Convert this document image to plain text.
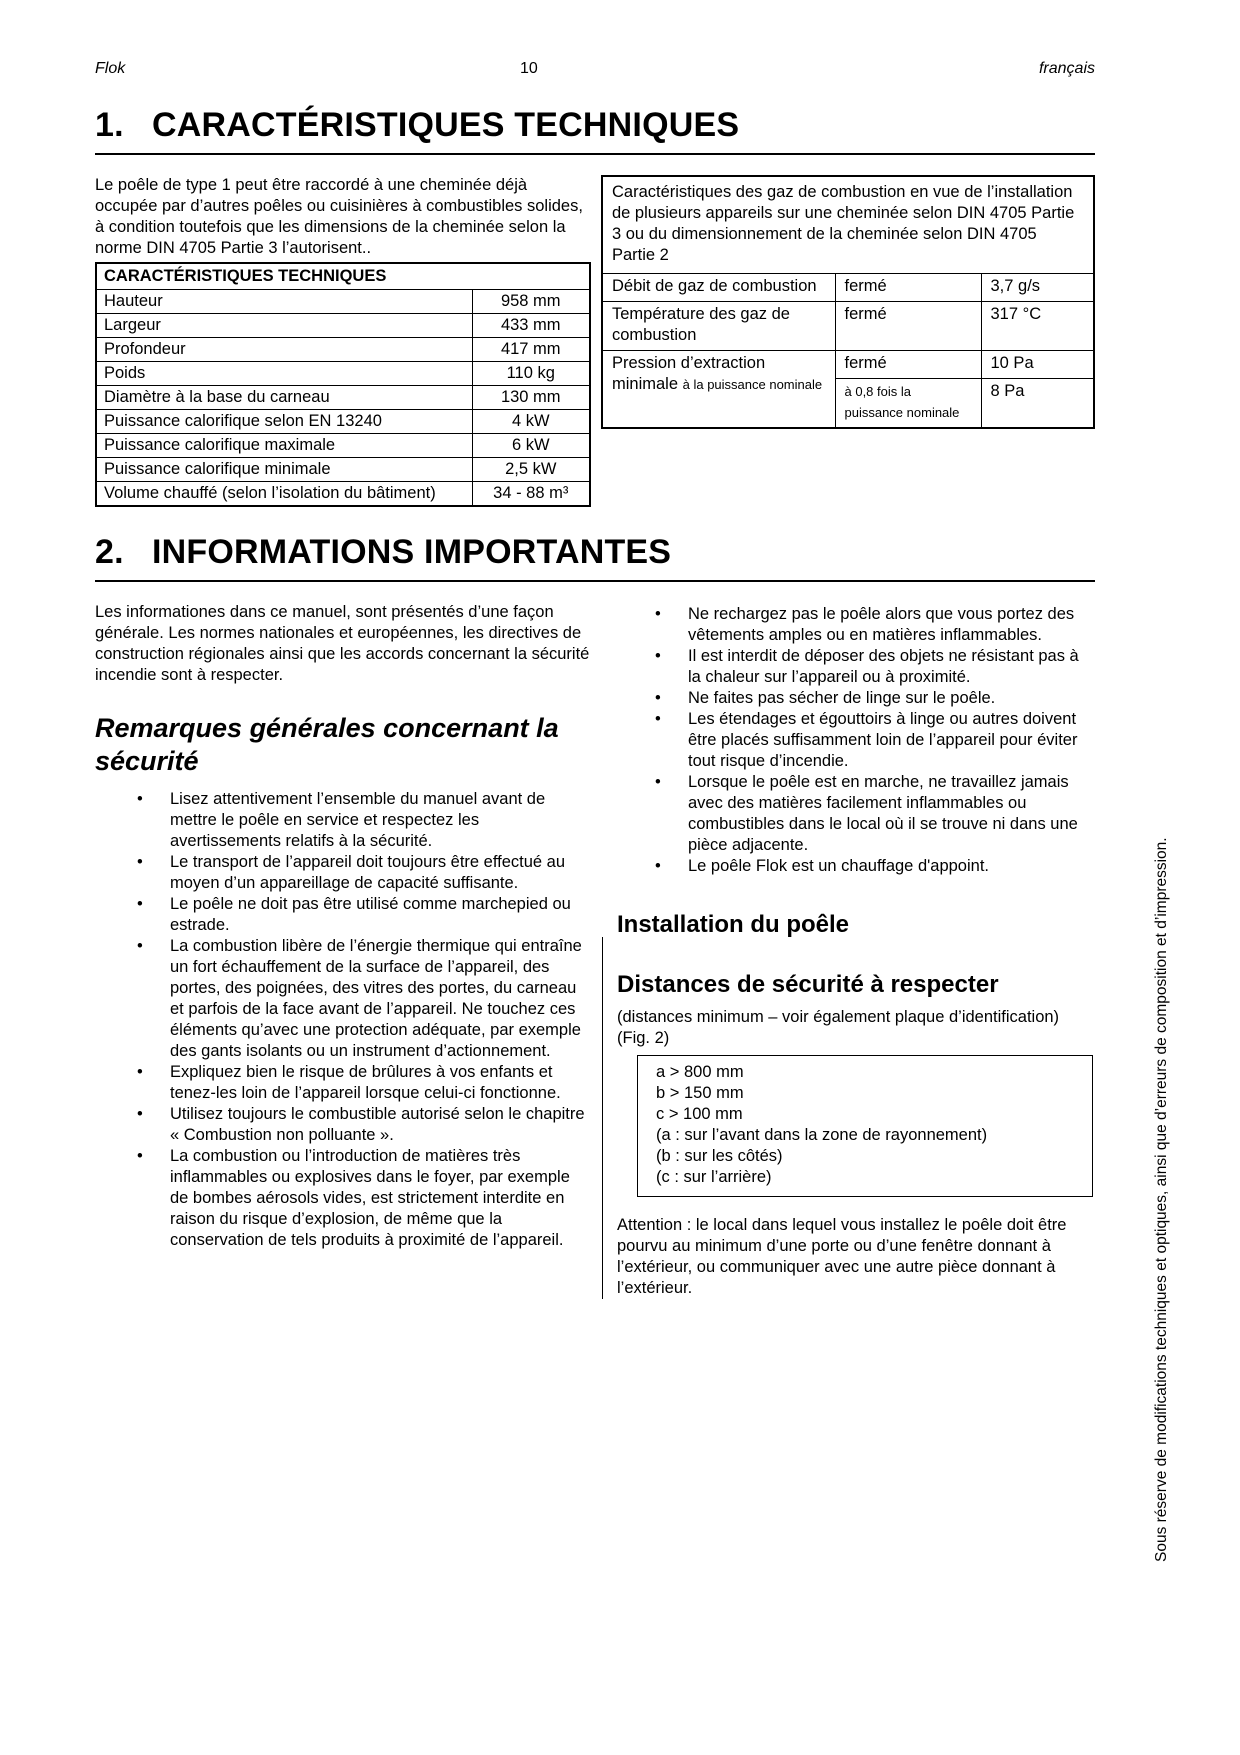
Flok	10	français
1. CARACTÉRISTIQUES TECHNIQUES

Le poêle de type 1 peut être raccordé à une cheminée déjà occupée par d’autres poêles ou cuisinières à combustibles solides, à condition toutefois que les dimensions de la cheminée selon la norme DIN 4705 Partie 3 l’autorisent..

CARACTÉRISTIQUES TECHNIQUES	
Hauteur	958 mm
Largeur	433 mm
Profondeur	417 mm
Poids	110 kg
Diamètre à la base du carneau	130 mm
Puissance calorifique selon EN 13240	4 kW
Puissance calorifique maximale	6 kW
Puissance calorifique minimale	2,5 kW
Volume chauffé (selon l’isolation du bâtiment)	34 - 88 m³
Caractéristiques des gaz de combustion en vue de l’installation de plusieurs appareils sur une cheminée selon DIN 4705 Partie 3 ou du dimensionnement de la cheminée selon DIN 4705 Partie 2
Débit de gaz de combustion	fermé	3,7 g/s
Température des gaz de combustion	fermé	317 °C
Pression d’extraction minimale à la puissance nominale	fermé	10 Pa
	à 0,8 fois la puissance nominale	8 Pa
2. INFORMATIONS IMPORTANTES

Les informationes dans ce manuel, sont présentés d’une façon générale. Les normes nationales et européennes, les directives de construction régionales ainsi que les accords concernant la sécurité incendie sont à respecter.

Remarques générales concernant la sécurité
• Lisez attentivement l’ensemble du manuel avant de mettre le poêle en service et respectez les avertissements relatifs à la sécurité.
• Le transport de l’appareil doit toujours être effectué au moyen d’un appareillage de capacité suffisante.
• Le poêle ne doit pas être utilisé comme marchepied ou estrade.
• La combustion libère de l’énergie thermique qui entraîne un fort échauffement de la surface de l’appareil, des portes, des poignées, des vitres des portes, du carneau et parfois de la face avant de l’appareil. Ne touchez ces éléments qu’avec une protection adéquate, par exemple des gants isolants ou un instrument d’actionnement.
• Expliquez bien le risque de brûlures à vos enfants et tenez-les loin de l’appareil lorsque celui-ci fonctionne.
• Utilisez toujours le combustible autorisé selon le chapitre « Combustion non polluante ».
• La combustion ou l’introduction de matières très inflammables ou explosives dans le foyer, par exemple de bombes aérosols vides, est strictement interdite en raison du risque d’explosion, de même que la conservation de tels produits à proximité de l’appareil.
• Ne rechargez pas le poêle alors que vous portez des vêtements amples ou en matières inflammables.
• Il est interdit de déposer des objets ne résistant pas à la chaleur sur l’appareil ou à proximité.
• Ne faites pas sécher de linge sur le poêle.
• Les étendages et égouttoirs à linge ou autres doivent être placés suffisamment loin de l’appareil pour éviter tout risque d’incendie.
• Lorsque le poêle est en marche, ne travaillez jamais avec des matières facilement inflammables ou combustibles dans le local où il se trouve ni dans une pièce adjacente.
• Le poêle Flok est un chauffage d'appoint.
Installation du poêle
Distances de sécurité à respecter

(distances minimum – voir également plaque d’identification) (Fig. 2)

a > 800 mm
b > 150 mm
c > 100 mm
(a : sur l’avant dans la zone de rayonnement)
(b : sur les côtés)
(c : sur l’arrière)

Attention : le local dans lequel vous installez le poêle doit être pourvu au minimum d’une porte ou d’une fenêtre donnant à l’extérieur, ou communiquer avec une autre pièce donnant à l’extérieur.	Sous réserve de modifications techniques et optiques, ainsi que d’erreurs de composition et d’impression.
